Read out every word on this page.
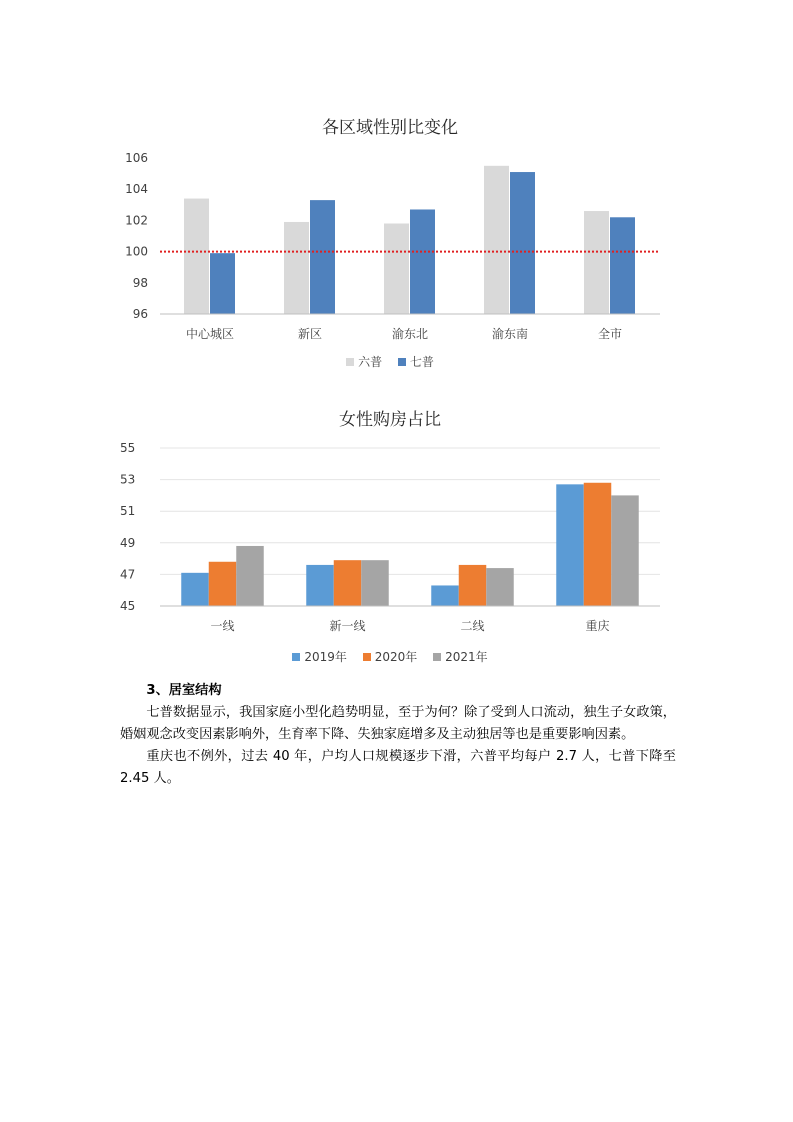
各区域性别比变化
96
98
100
102
104
106
中心城区	新区	渝东北	渝东南	全市
六普 七普
女性购房占比
45
47
49
51
53
55
一线	新一线	二线	重庆
2019年 2020年 2021年

3、居室结构

七普数据显示，我国家庭小型化趋势明显，至于为何？除了受到人口流动，独生子女政策，婚姻观念改变因素影响外，生育率下降、失独家庭增多及主动独居等也是重要影响因素。

重庆也不例外，过去 40 年，户均人口规模逐步下滑，六普平均每户 2.7 人，七普下降至 2.45 人。
